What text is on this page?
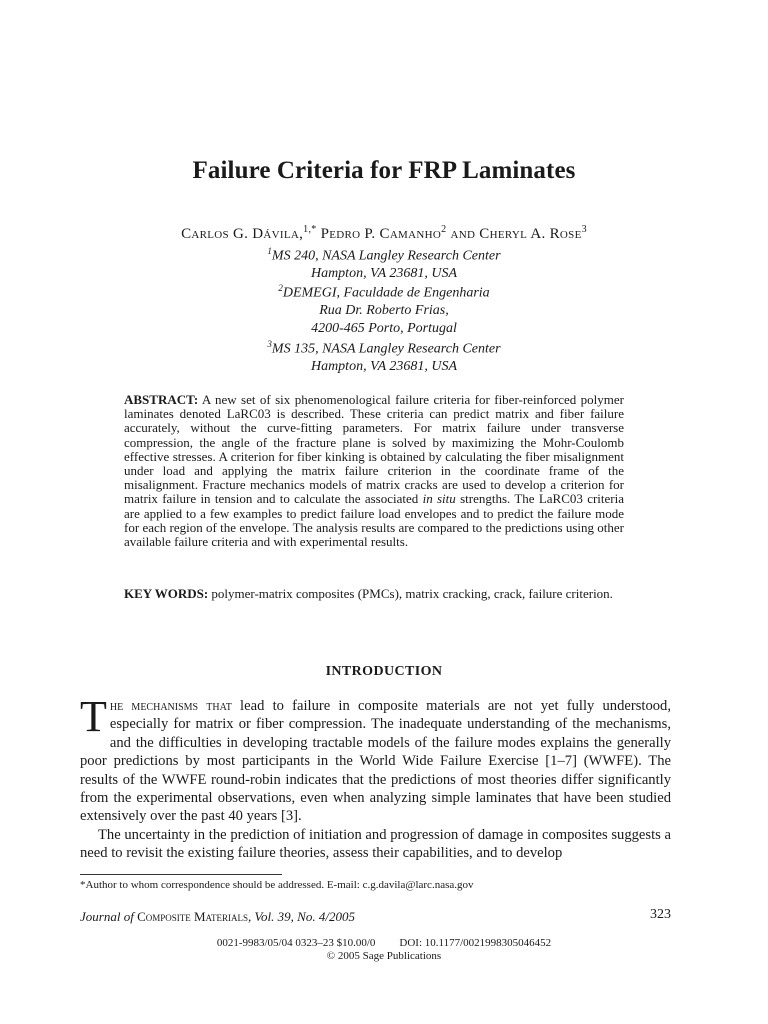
Failure Criteria for FRP Laminates
Carlos G. Dávila,$^{1,*}$ Pedro P. Camanho$^2$ and Cheryl A. Rose$^3$
$^1$MS 240, NASA Langley Research Center
Hampton, VA 23681, USA
$^2$DEMEGI, Faculdade de Engenharia
Rua Dr. Roberto Frias,
4200-465 Porto, Portugal
$^3$MS 135, NASA Langley Research Center
Hampton, VA 23681, USA
ABSTRACT: A new set of six phenomenological failure criteria for fiber-reinforced polymer laminates denoted LaRC03 is described. These criteria can predict matrix and fiber failure accurately, without the curve-fitting parameters. For matrix failure under transverse compression, the angle of the fracture plane is solved by maximizing the Mohr-Coulomb effective stresses. A criterion for fiber kinking is obtained by calculating the fiber misalignment under load and applying the matrix failure criterion in the coordinate frame of the misalignment. Fracture mechanics models of matrix cracks are used to develop a criterion for matrix failure in tension and to calculate the associated in situ strengths. The LaRC03 criteria are applied to a few examples to predict failure load envelopes and to predict the failure mode for each region of the envelope. The analysis results are compared to the predictions using other available failure criteria and with experimental results.
KEY WORDS: polymer-matrix composites (PMCs), matrix cracking, crack, failure criterion.
INTRODUCTION

The mechanisms that lead to failure in composite materials are not yet fully understood, especially for matrix or fiber compression. The inadequate understanding of the mechanisms, and the difficulties in developing tractable models of the failure modes explains the generally poor predictions by most participants in the World Wide Failure Exercise [1–7] (WWFE). The results of the WWFE round-robin indicates that the predictions of most theories differ significantly from the experimental observations, even when analyzing simple laminates that have been studied extensively over the past 40 years [3].

The uncertainty in the prediction of initiation and progression of damage in composites suggests a need to revisit the existing failure theories, assess their capabilities, and to develop

*Author to whom correspondence should be addressed. E-mail: c.g.davila@larc.nasa.gov
Journal of Composite Materials, Vol. 39, No. 4/2005	323
0021-9983/05/04 0323–23 $10.00/0 DOI: 10.1177/0021998305046452
© 2005 Sage Publications
